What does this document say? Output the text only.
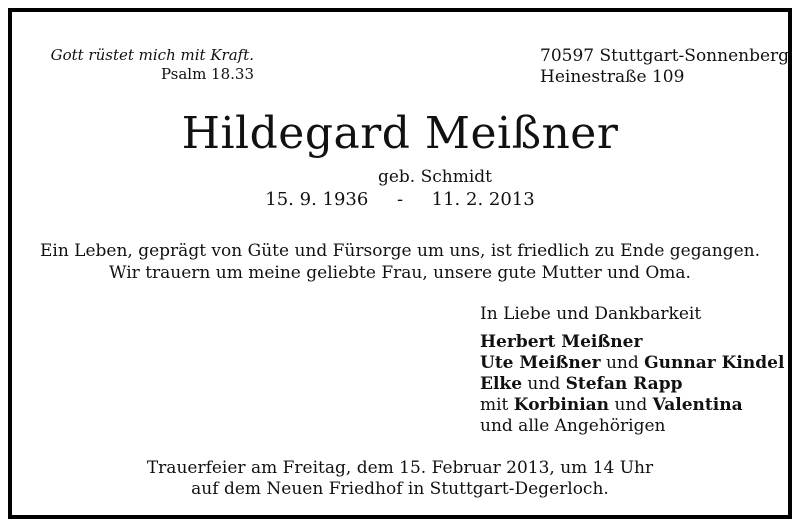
Gott rüstet mich mit Kraft.
Psalm 18.33
70597 Stuttgart-Sonnenberg
Heinestraße 109
Hildegard Meißner
geb. Schmidt
15. 9. 1936 - 11. 2. 2013
Ein Leben, geprägt von Güte und Fürsorge um uns, ist friedlich zu Ende gegangen.
Wir trauern um meine geliebte Frau, unsere gute Mutter und Oma.
In Liebe und Dankbarkeit
Herbert Meißner
Ute Meißner und Gunnar Kindel
Elke und Stefan Rapp
mit Korbinian und Valentina
und alle Angehörigen
Trauerfeier am Freitag, dem 15. Februar 2013, um 14 Uhr
auf dem Neuen Friedhof in Stuttgart-Degerloch.
